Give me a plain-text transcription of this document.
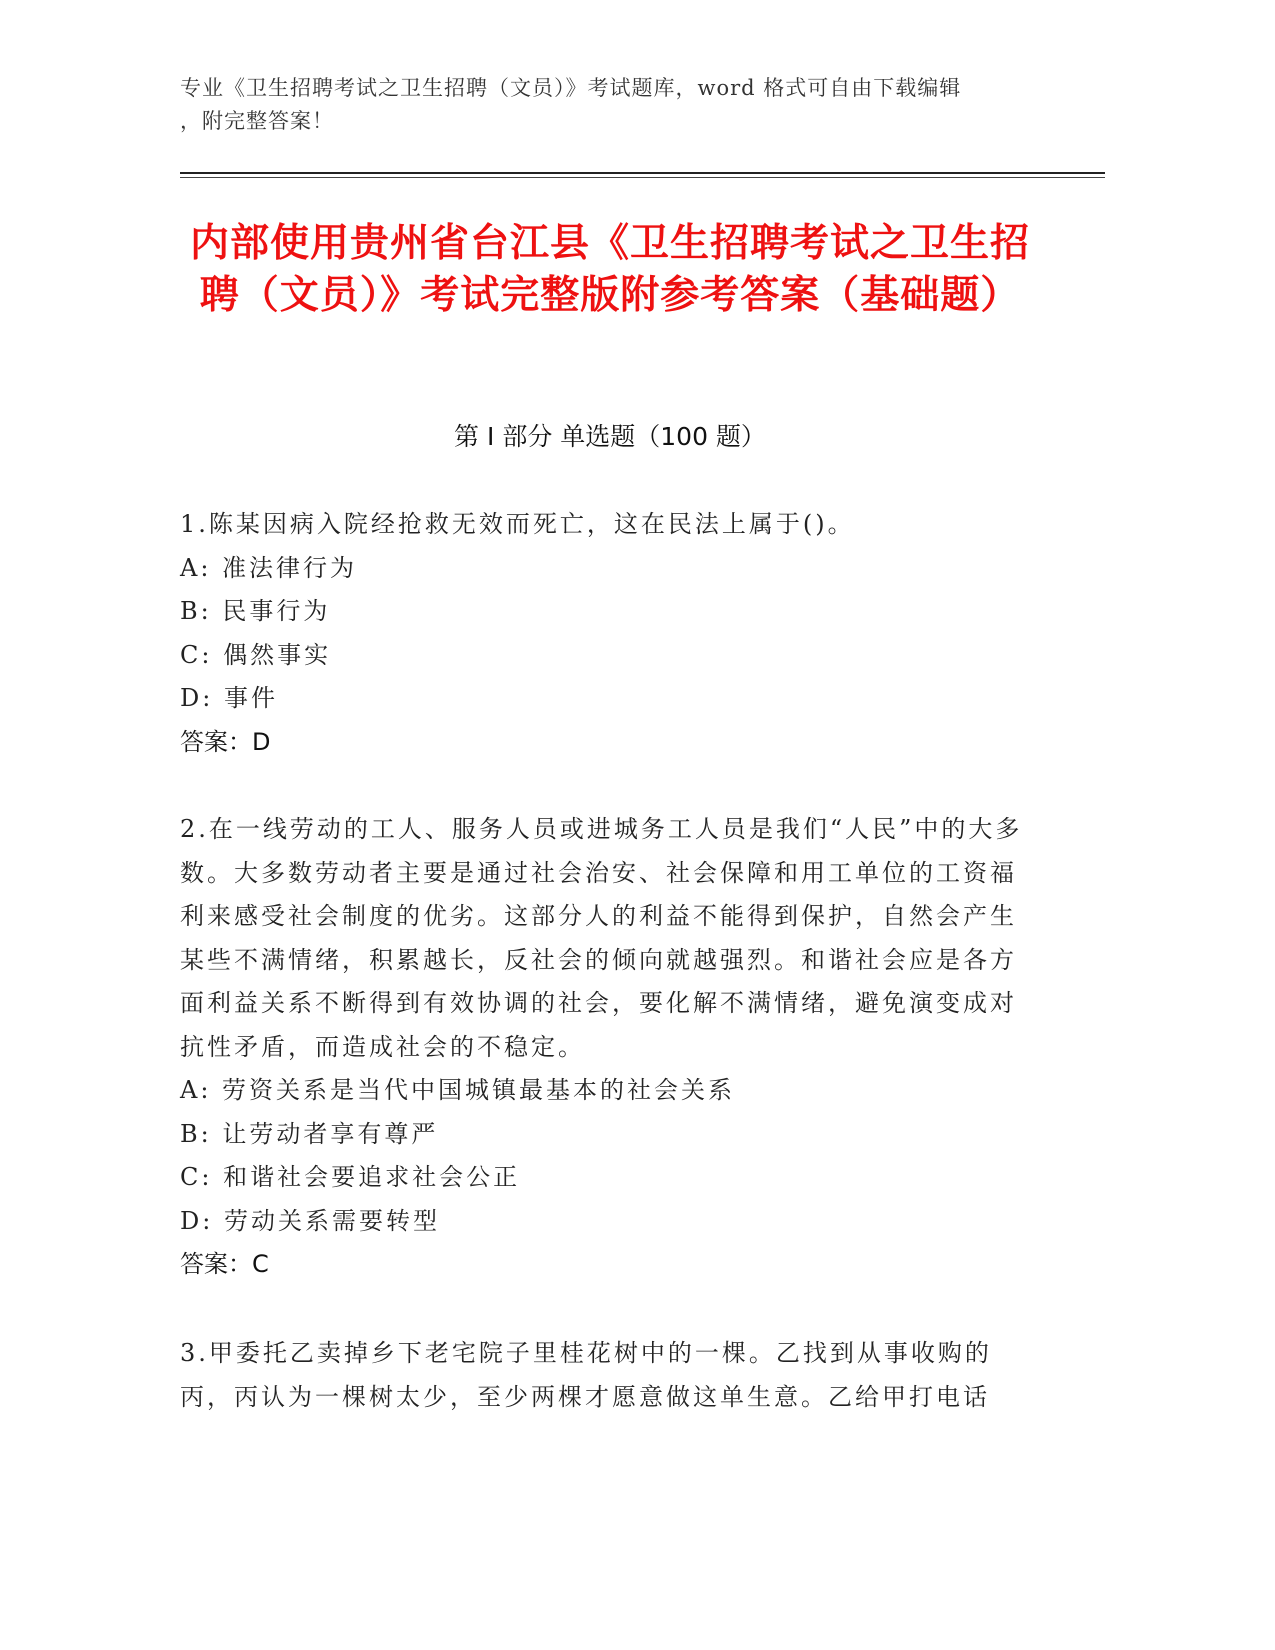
专业《卫生招聘考试之卫生招聘（文员）》考试题库，word 格式可自由下载编辑
，附完整答案！
内部使用贵州省台江县《卫生招聘考试之卫生招聘（文员）》考试完整版附参考答案（基础题）
第 I 部分 单选题（100 题）
1.陈某因病入院经抢救无效而死亡，这在民法上属于()。
A: 准法律行为
B: 民事行为
C: 偶然事实
D: 事件
答案：D
2.在一线劳动的工人、服务人员或进城务工人员是我们“人民”中的大多数。大多数劳动者主要是通过社会治安、社会保障和用工单位的工资福利来感受社会制度的优劣。这部分人的利益不能得到保护，自然会产生某些不满情绪，积累越长，反社会的倾向就越强烈。和谐社会应是各方面利益关系不断得到有效协调的社会，要化解不满情绪，避免演变成对抗性矛盾，而造成社会的不稳定。
A: 劳资关系是当代中国城镇最基本的社会关系
B: 让劳动者享有尊严
C: 和谐社会要追求社会公正
D: 劳动关系需要转型
答案：C
3.甲委托乙卖掉乡下老宅院子里桂花树中的一棵。乙找到从事收购的丙，丙认为一棵树太少，至少两棵才愿意做这单生意。乙给甲打电话
